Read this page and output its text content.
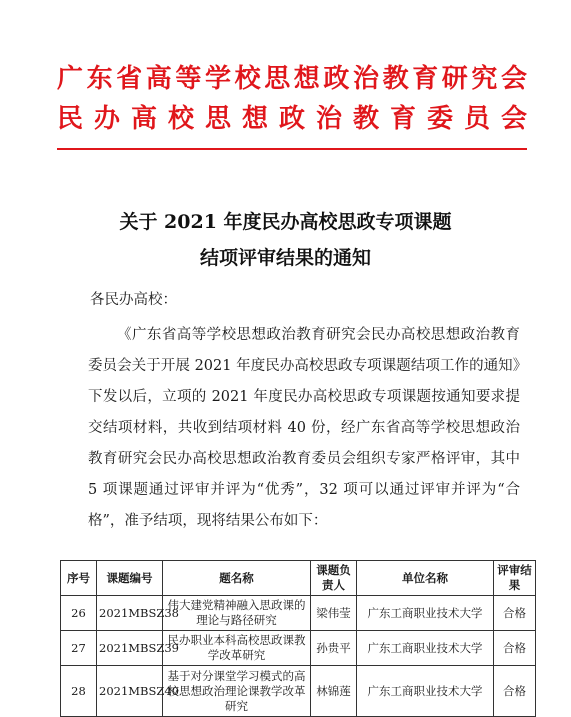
广东省高等学校思想政治教育研究会
民办高校思想政治教育委员会
关于 2021 年度民办高校思政专项课题
结项评审结果的通知
各民办高校：
《广东省高等学校思想政治教育研究会民办高校思想政治教育委员会关于开展 2021 年度民办高校思政专项课题结项工作的通知》下发以后，立项的 2021 年度民办高校思政专项课题按通知要求提交结项材料，共收到结项材料 40 份，经广东省高等学校思想政治教育研究会民办高校思想政治教育委员会组织专家严格评审，其中 5 项课题通过评审并评为“优秀”，32 项可以通过评审并评为“合格”，准予结项，现将结果公布如下：
序号	课题编号	题名称	课题负责人	单位名称	评审结果
26	2021MBSZ38	伟大建党精神融入思政课的理论与路径研究	梁伟莹	广东工商职业技术大学	合格
27	2021MBSZ39	民办职业本科高校思政课教学改革研究	孙贵平	广东工商职业技术大学	合格
28	2021MBSZ40	基于对分课堂学习模式的高校思想政治理论课教学改革研究	林锦莲	广东工商职业技术大学	合格
